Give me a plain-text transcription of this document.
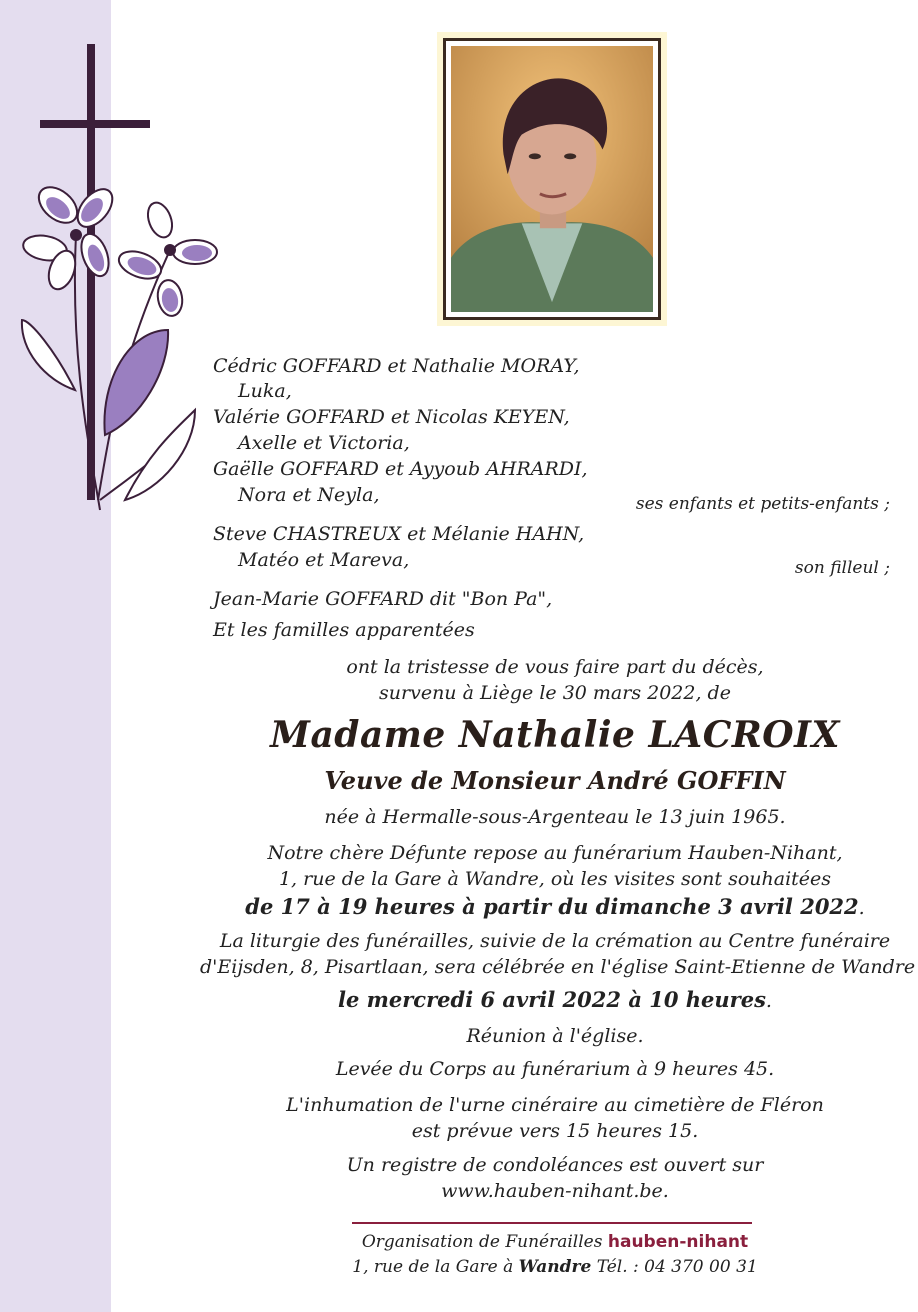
Cédric GOFFARD et Nathalie MORAY,
Luka,
Valérie GOFFARD et Nicolas KEYEN,
Axelle et Victoria,
Gaëlle GOFFARD et Ayyoub AHRARDI,
Nora et Neyla,	ses enfants et petits-enfants ;
Steve CHASTREUX et Mélanie HAHN,
Matéo et Mareva,	son filleul ;
Jean-Marie GOFFARD dit "Bon Pa",
Et les familles apparentées
ont la tristesse de vous faire part du décès,
survenu à Liège le 30 mars 2022, de
Madame Nathalie LACROIX
Veuve de Monsieur André GOFFIN
née à Hermalle-sous-Argenteau le 13 juin 1965.
Notre chère Défunte repose au funérarium Hauben-Nihant,
1, rue de la Gare à Wandre, où les visites sont souhaitées
de 17 à 19 heures à partir du dimanche 3 avril 2022.
La liturgie des funérailles, suivie de la crémation au Centre funéraire
d'Eijsden, 8, Pisartlaan, sera célébrée en l'église Saint-Etienne de Wandre
le mercredi 6 avril 2022 à 10 heures.
Réunion à l'église.
Levée du Corps au funérarium à 9 heures 45.
L'inhumation de l'urne cinéraire au cimetière de Fléron
est prévue vers 15 heures 15.
Un registre de condoléances est ouvert sur
www.hauben-nihant.be.
Organisation de Funérailles hauben-nihant
1, rue de la Gare à Wandre Tél. : 04 370 00 31
